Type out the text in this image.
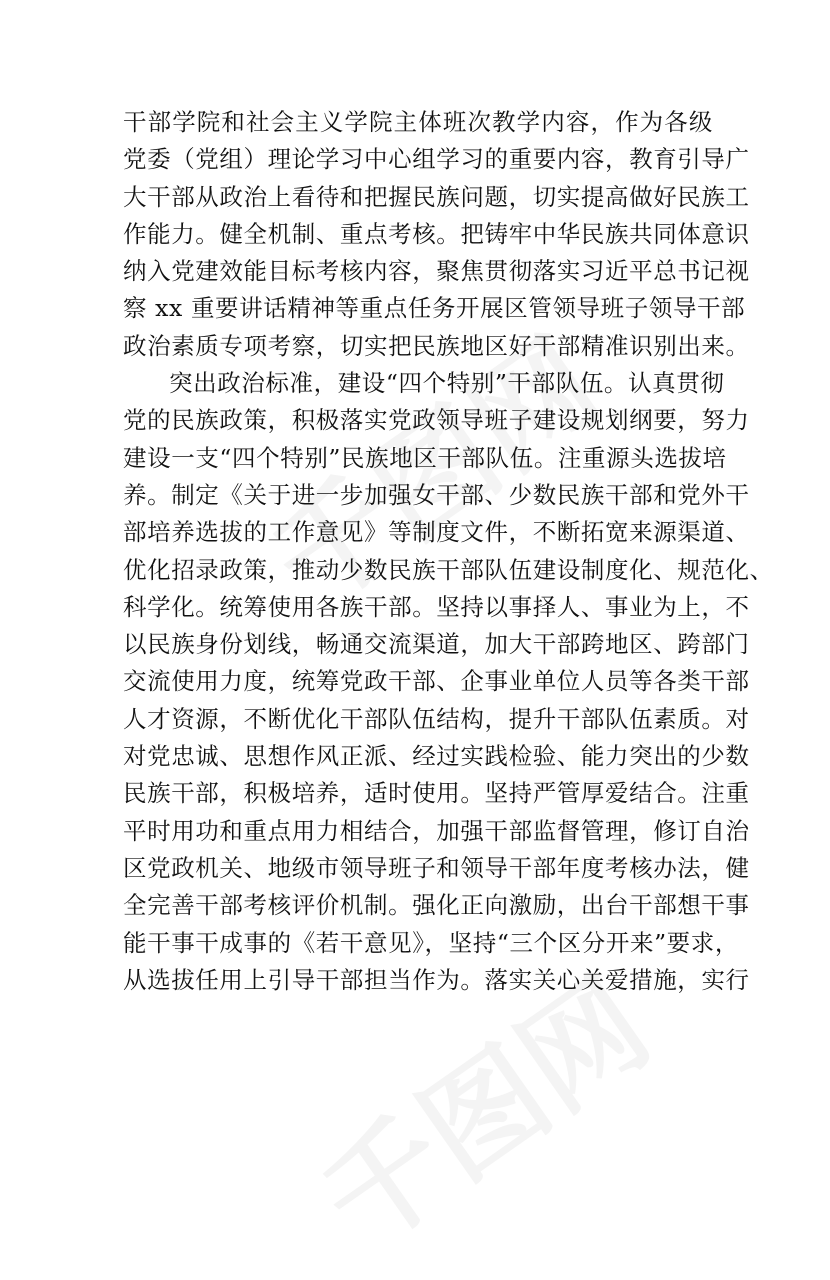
干部学院和社会主义学院主体班次教学内容，作为各级
党委（党组）理论学习中心组学习的重要内容，教育引导广
大干部从政治上看待和把握民族问题，切实提高做好民族工
作能力。健全机制、重点考核。把铸牢中华民族共同体意识
纳入党建效能目标考核内容，聚焦贯彻落实习近平总书记视
察 xx 重要讲话精神等重点任务开展区管领导班子领导干部
政治素质专项考察，切实把民族地区好干部精准识别出来。
突出政治标准，建设“四个特别”干部队伍。认真贯彻
党的民族政策，积极落实党政领导班子建设规划纲要，努力
建设一支“四个特别”民族地区干部队伍。注重源头选拔培
养。制定《关于进一步加强女干部、少数民族干部和党外干
部培养选拔的工作意见》等制度文件，不断拓宽来源渠道、
优化招录政策，推动少数民族干部队伍建设制度化、规范化、
科学化。统筹使用各族干部。坚持以事择人、事业为上，不
以民族身份划线，畅通交流渠道，加大干部跨地区、跨部门
交流使用力度，统筹党政干部、企事业单位人员等各类干部
人才资源，不断优化干部队伍结构，提升干部队伍素质。对
对党忠诚、思想作风正派、经过实践检验、能力突出的少数
民族干部，积极培养，适时使用。坚持严管厚爱结合。注重
平时用功和重点用力相结合，加强干部监督管理，修订自治
区党政机关、地级市领导班子和领导干部年度考核办法，健
全完善干部考核评价机制。强化正向激励，出台干部想干事
能干事干成事的《若干意见》，坚持“三个区分开来”要求，
从选拔任用上引导干部担当作为。落实关心关爱措施，实行
